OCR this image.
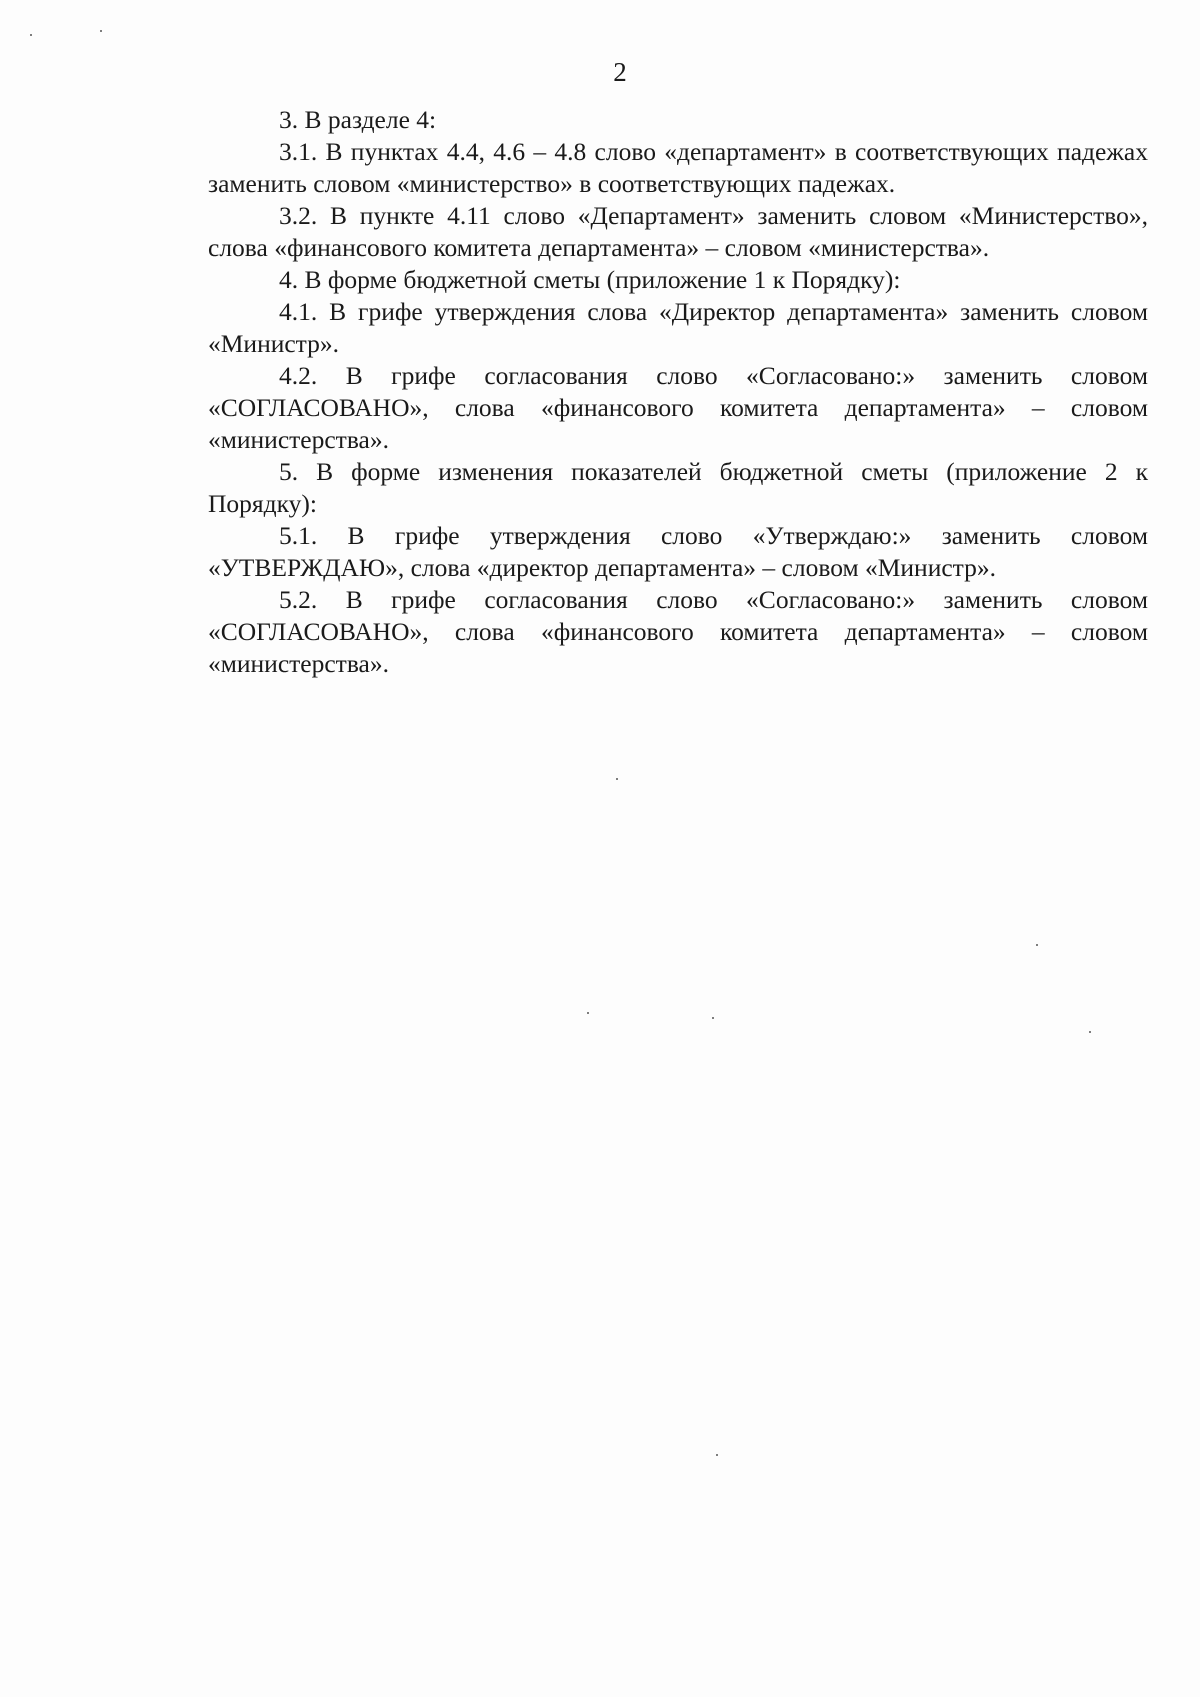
2

3. В разделе 4:

3.1. В пунктах 4.4, 4.6 – 4.8 слово «департамент» в соответствующих падежах заменить словом «министерство» в соответствующих падежах.

3.2. В пункте 4.11 слово «Департамент» заменить словом «Министерство», слова «финансового комитета департамента» – словом «министерства».

4. В форме бюджетной сметы (приложение 1 к Порядку):

4.1. В грифе утверждения слова «Директор департамента» заменить словом «Министр».

4.2. В грифе согласования слово «Согласовано:» заменить словом «СОГЛАСОВАНО», слова «финансового комитета департамента» – словом «министерства».

5. В форме изменения показателей бюджетной сметы (приложение 2 к Порядку):

5.1. В грифе утверждения слово «Утверждаю:» заменить словом «УТВЕРЖДАЮ», слова «директор департамента» – словом «Министр».

5.2. В грифе согласования слово «Согласовано:» заменить словом «СОГЛАСОВАНО», слова «финансового комитета департамента» – словом «министерства».
